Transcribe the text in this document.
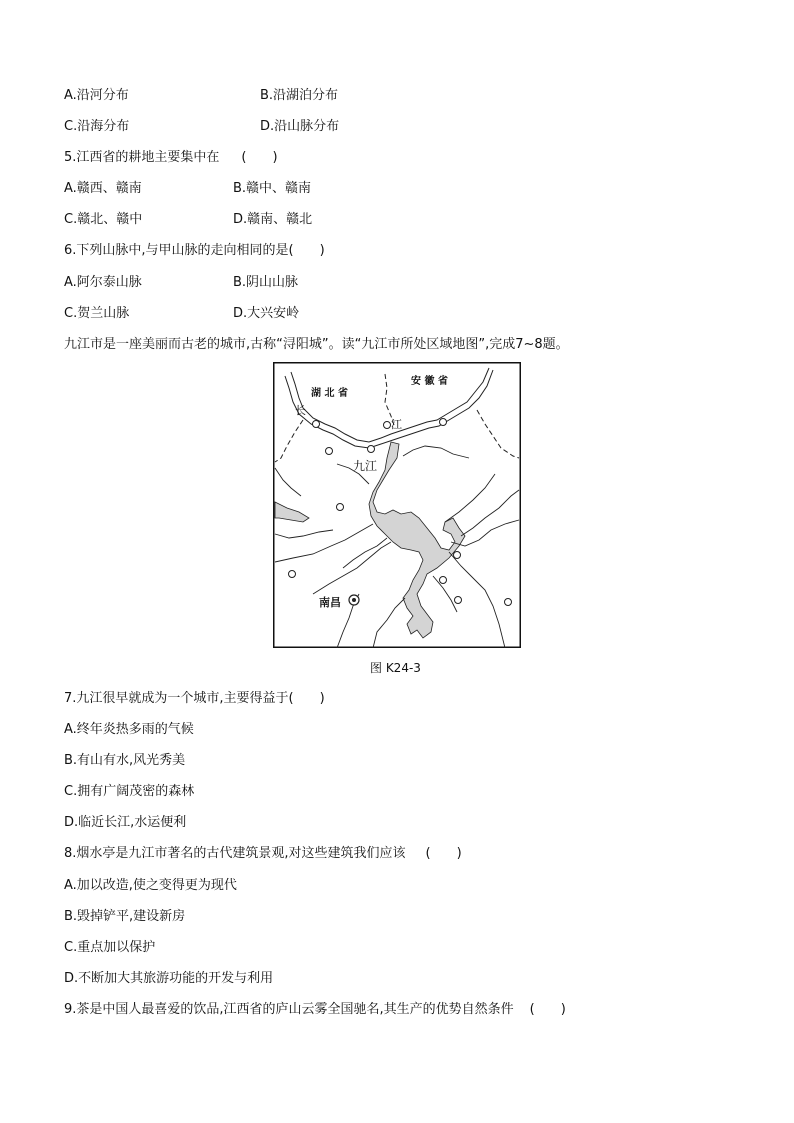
A.沿河分布	B.沿湖泊分布
C.沿海分布	D.沿山脉分布
5.江西省的耕地主要集中在 (　　)
A.赣西、赣南	B.赣中、赣南
C.赣北、赣中	D.赣南、赣北
6.下列山脉中,与甲山脉的走向相同的是(　　)
A.阿尔泰山脉	B.阴山山脉
C.贺兰山脉	D.大兴安岭
九江市是一座美丽而古老的城市,古称“浔阳城”。读“九江市所处区域地图”,完成7~8题。
湖 北 省
安 徽 省
长
江
九江
南昌
图 K24-3
7.九江很早就成为一个城市,主要得益于(　　)
A.终年炎热多雨的气候
B.有山有水,风光秀美
C.拥有广阔茂密的森林
D.临近长江,水运便利
8.烟水亭是九江市著名的古代建筑景观,对这些建筑我们应该 (　　)
A.加以改造,使之变得更为现代
B.毁掉铲平,建设新房
C.重点加以保护
D.不断加大其旅游功能的开发与利用
9.茶是中国人最喜爱的饮品,江西省的庐山云雾全国驰名,其生产的优势自然条件 (　　)
